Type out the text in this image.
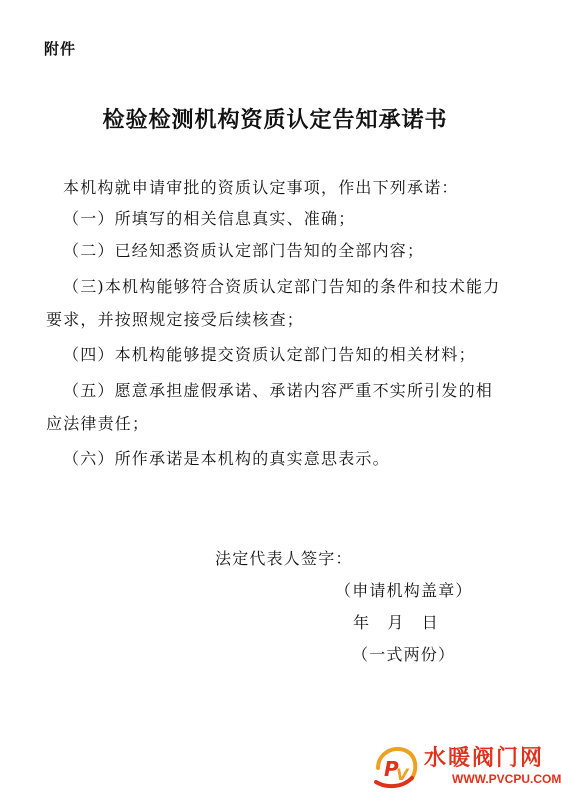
附件
检验检测机构资质认定告知承诺书
本机构就申请审批的资质认定事项，作出下列承诺：
（一）所填写的相关信息真实、准确；
（二）已经知悉资质认定部门告知的全部内容；
（三)本机构能够符合资质认定部门告知的条件和技术能力要求，并按照规定接受后续核查；
（四）本机构能够提交资质认定部门告知的相关材料；
（五）愿意承担虚假承诺、承诺内容严重不实所引发的相应法律责任；
（六）所作承诺是本机构的真实意思表示。
法定代表人签字：
（申请机构盖章）
年　月　日
（一式两份）
P
V
水暖阀门网
WWW.PVCPU.COM
